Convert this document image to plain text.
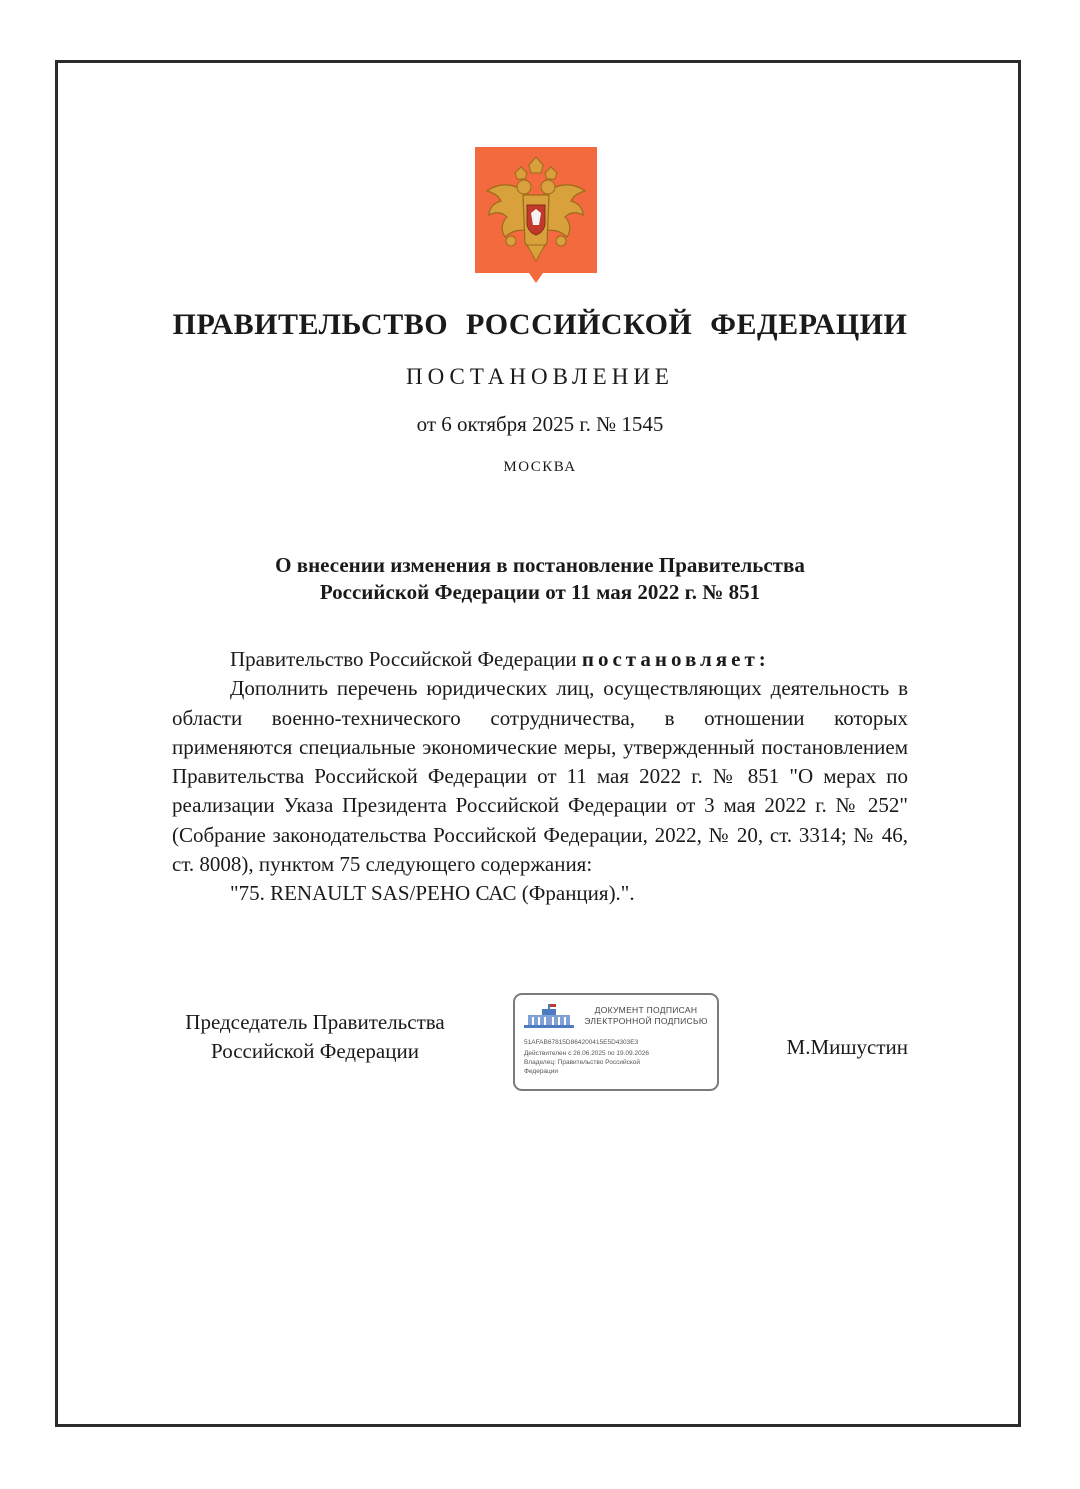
ПРАВИТЕЛЬСТВО РОССИЙСКОЙ ФЕДЕРАЦИИ
ПОСТАНОВЛЕНИЕ
от 6 октября 2025 г. № 1545
МОСКВА
О внесении изменения в постановление Правительства
Российской Федерации от 11 мая 2022 г. № 851

Правительство Российской Федерации постановляет:

Дополнить перечень юридических лиц, осуществляющих деятельность в области военно-технического сотрудничества, в отношении которых применяются специальные экономические меры, утвержденный постановлением Правительства Российской Федерации от 11 мая 2022 г. № 851 "О мерах по реализации Указа Президента Российской Федерации от 3 мая 2022 г. № 252" (Собрание законодательства Российской Федерации, 2022, № 20, ст. 3314; № 46, ст. 8008), пунктом 75 следующего содержания:

"75. RENAULT SAS/РЕНО САС (Франция).".

Председатель Правительства
Российской Федерации
ДОКУМЕНТ ПОДПИСАН
ЭЛЕКТРОННОЙ ПОДПИСЬЮ
51AFAB67815D864200415E5D4303E3
Действителен с 26.06.2025 по 19.09.2026
Владелец: Правительство Российской
Федерации
М.Мишустин
